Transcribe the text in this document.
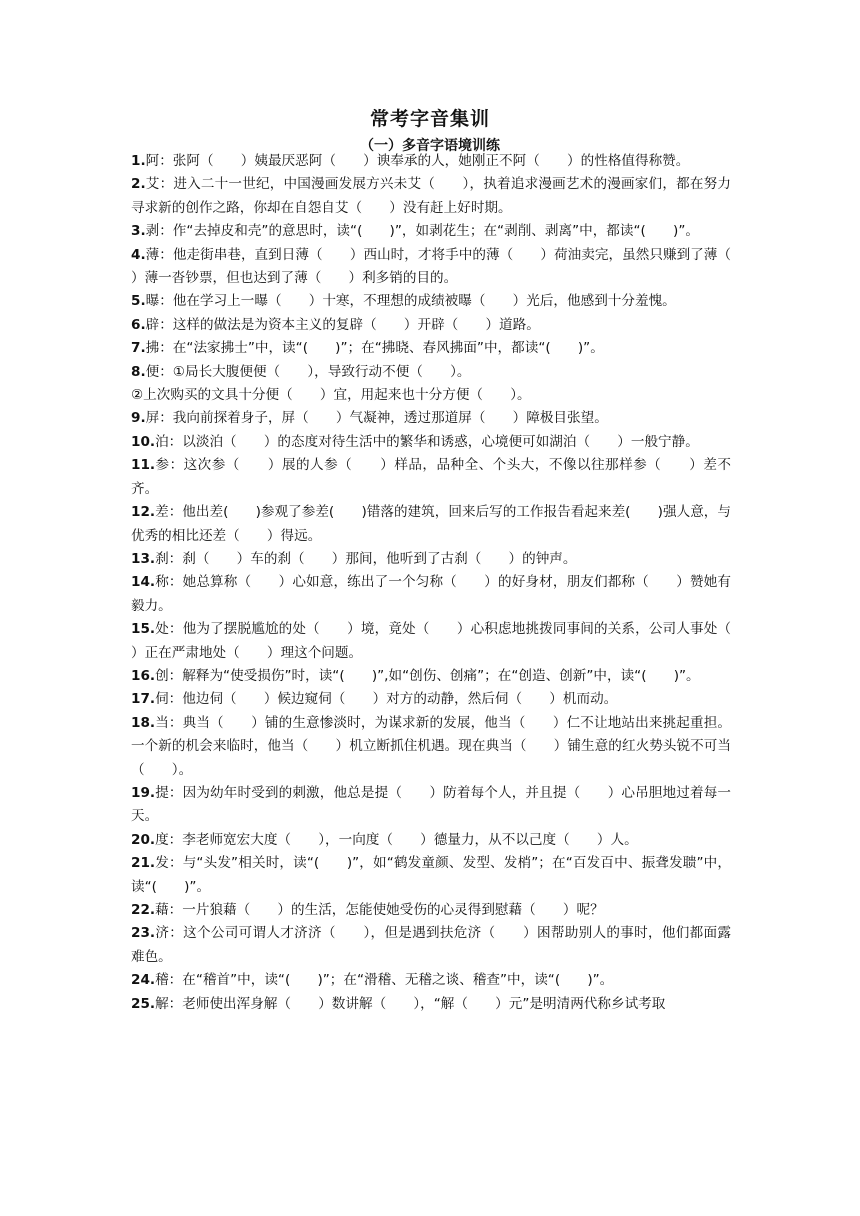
常考字音集训
（一）多音字语境训练

1.阿：张阿（　　）姨最厌恶阿（　　）谀奉承的人，她刚正不阿（　　）的性格值得称赞。

2.艾：进入二十一世纪，中国漫画发展方兴未艾（　　），执着追求漫画艺术的漫画家们，都在努力寻求新的创作之路，你却在自怨自艾（　　）没有赶上好时期。

3.剥：作“去掉皮和壳”的意思时，读“(　　)”，如剥花生；在“剥削、剥离”中，都读“(　　)”。

4.薄：他走街串巷，直到日薄（　　）西山时，才将手中的薄（　　）荷油卖完，虽然只赚到了薄（　　）薄一沓钞票，但也达到了薄（　　）利多销的目的。

5.曝：他在学习上一曝（　　）十寒，不理想的成绩被曝（　　）光后，他感到十分羞愧。

6.辟：这样的做法是为资本主义的复辟（　　）开辟（　　）道路。

7.拂：在“法家拂士”中，读“(　　)”；在“拂晓、春风拂面”中，都读“(　　)”。

8.便：①局长大腹便便（　　），导致行动不便（　　）。

②上次购买的文具十分便（　　）宜，用起来也十分方便（　　）。

9.屏：我向前探着身子，屏（　　）气凝神，透过那道屏（　　）障极目张望。

10.泊：以淡泊（　　）的态度对待生活中的繁华和诱惑，心境便可如湖泊（　　）一般宁静。

11.参：这次参（　　）展的人参（　　）样品，品种全、个头大，不像以往那样参（　　）差不齐。

12.差：他出差(　　)参观了参差(　　)错落的建筑，回来后写的工作报告看起来差(　　)强人意，与优秀的相比还差（　　）得远。

13.刹：刹（　　）车的刹（　　）那间，他听到了古刹（　　）的钟声。

14.称：她总算称（　　）心如意，练出了一个匀称（　　）的好身材，朋友们都称（　　）赞她有毅力。

15.处：他为了摆脱尴尬的处（　　）境，竟处（　　）心积虑地挑拨同事间的关系，公司人事处（　　）正在严肃地处（　　）理这个问题。

16.创：解释为“使受损伤”时，读“(　　)”,如“创伤、创痛”；在“创造、创新”中，读“(　　)”。

17.伺：他边伺（　　）候边窥伺（　　）对方的动静，然后伺（　　）机而动。

18.当：典当（　　）铺的生意惨淡时，为谋求新的发展，他当（　　）仁不让地站出来挑起重担。一个新的机会来临时，他当（　　）机立断抓住机遇。现在典当（　　）铺生意的红火势头锐不可当（　　）。

19.提：因为幼年时受到的刺激，他总是提（　　）防着每个人，并且提（　　）心吊胆地过着每一天。

20.度：李老师宽宏大度（　　），一向度（　　）德量力，从不以己度（　　）人。

21.发：与“头发”相关时，读“(　　)”，如“鹤发童颜、发型、发梢”；在“百发百中、振聋发聩”中，读“(　　)”。

22.藉：一片狼藉（　　）的生活，怎能使她受伤的心灵得到慰藉（　　）呢？

23.济：这个公司可谓人才济济（　　），但是遇到扶危济（　　）困帮助别人的事时，他们都面露难色。

24.稽：在“稽首”中，读“(　　)”；在“滑稽、无稽之谈、稽查”中，读“(　　)”。

25.解：老师使出浑身解（　　）数讲解（　　），“解（　　）元”是明清两代称乡试考取
